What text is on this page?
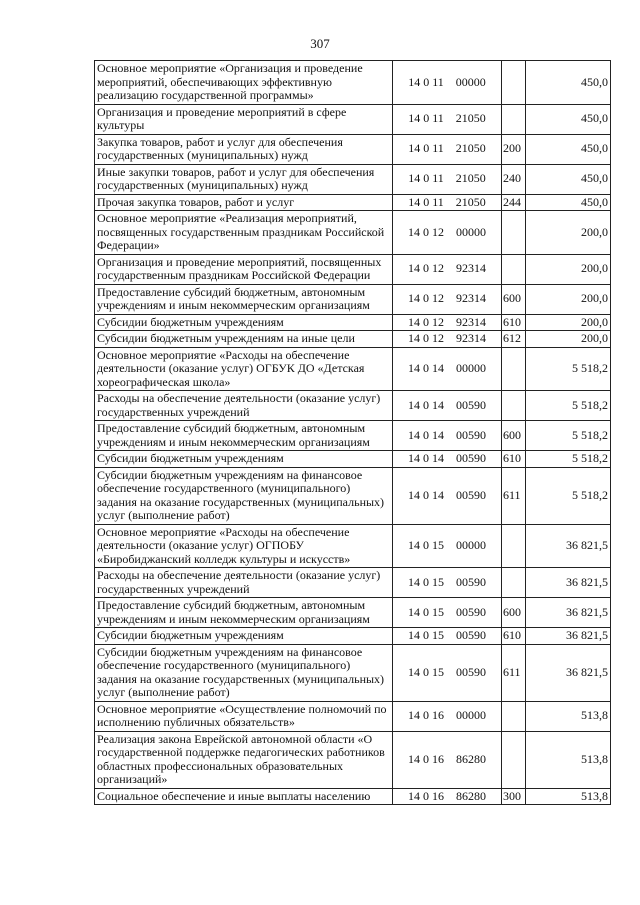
307
Основное мероприятие «Организация и проведение мероприятий, обеспечивающих эффективную реализацию государственной программы»	14 0 11    00000		450,0
Организация и проведение мероприятий в сфере культуры	14 0 11    21050		450,0
Закупка товаров, работ и услуг для обеспечения государственных (муниципальных) нужд	14 0 11    21050	200	450,0
Иные закупки товаров, работ и услуг для обеспечения государственных (муниципальных) нужд	14 0 11    21050	240	450,0
Прочая закупка товаров, работ и услуг	14 0 11    21050	244	450,0
Основное мероприятие «Реализация мероприятий, посвященных государственным праздникам Российской Федерации»	14 0 12    00000		200,0
Организация и проведение мероприятий, посвященных государственным праздникам Российской Федерации	14 0 12    92314		200,0
Предоставление субсидий бюджетным, автономным учреждениям и иным некоммерческим организациям	14 0 12    92314	600	200,0
Субсидии бюджетным учреждениям	14 0 12    92314	610	200,0
Субсидии бюджетным учреждениям на иные цели	14 0 12    92314	612	200,0
Основное мероприятие «Расходы на обеспечение деятельности (оказание услуг) ОГБУК ДО «Детская хореографическая школа»	14 0 14    00000		5 518,2
Расходы на обеспечение деятельности (оказание услуг) государственных учреждений	14 0 14    00590		5 518,2
Предоставление субсидий бюджетным, автономным учреждениям и иным некоммерческим организациям	14 0 14    00590	600	5 518,2
Субсидии бюджетным учреждениям	14 0 14    00590	610	5 518,2
Субсидии бюджетным учреждениям на финансовое обеспечение государственного (муниципального) задания на оказание государственных (муниципальных) услуг (выполнение работ)	14 0 14    00590	611	5 518,2
Основное мероприятие «Расходы на обеспечение деятельности (оказание услуг) ОГПОБУ «Биробиджанский колледж культуры и искусств»	14 0 15    00000		36 821,5
Расходы на обеспечение деятельности (оказание услуг) государственных учреждений	14 0 15    00590		36 821,5
Предоставление субсидий бюджетным, автономным учреждениям и иным некоммерческим организациям	14 0 15    00590	600	36 821,5
Субсидии бюджетным учреждениям	14 0 15    00590	610	36 821,5
Субсидии бюджетным учреждениям на финансовое обеспечение государственного (муниципального) задания на оказание государственных (муниципальных) услуг (выполнение работ)	14 0 15    00590	611	36 821,5
Основное мероприятие «Осуществление полномочий по исполнению публичных обязательств»	14 0 16    00000		513,8
Реализация закона Еврейской автономной области «О государственной поддержке педагогических работников областных профессиональных образовательных организаций»	14 0 16    86280		513,8
Социальное обеспечение и иные выплаты населению	14 0 16    86280	300	513,8
